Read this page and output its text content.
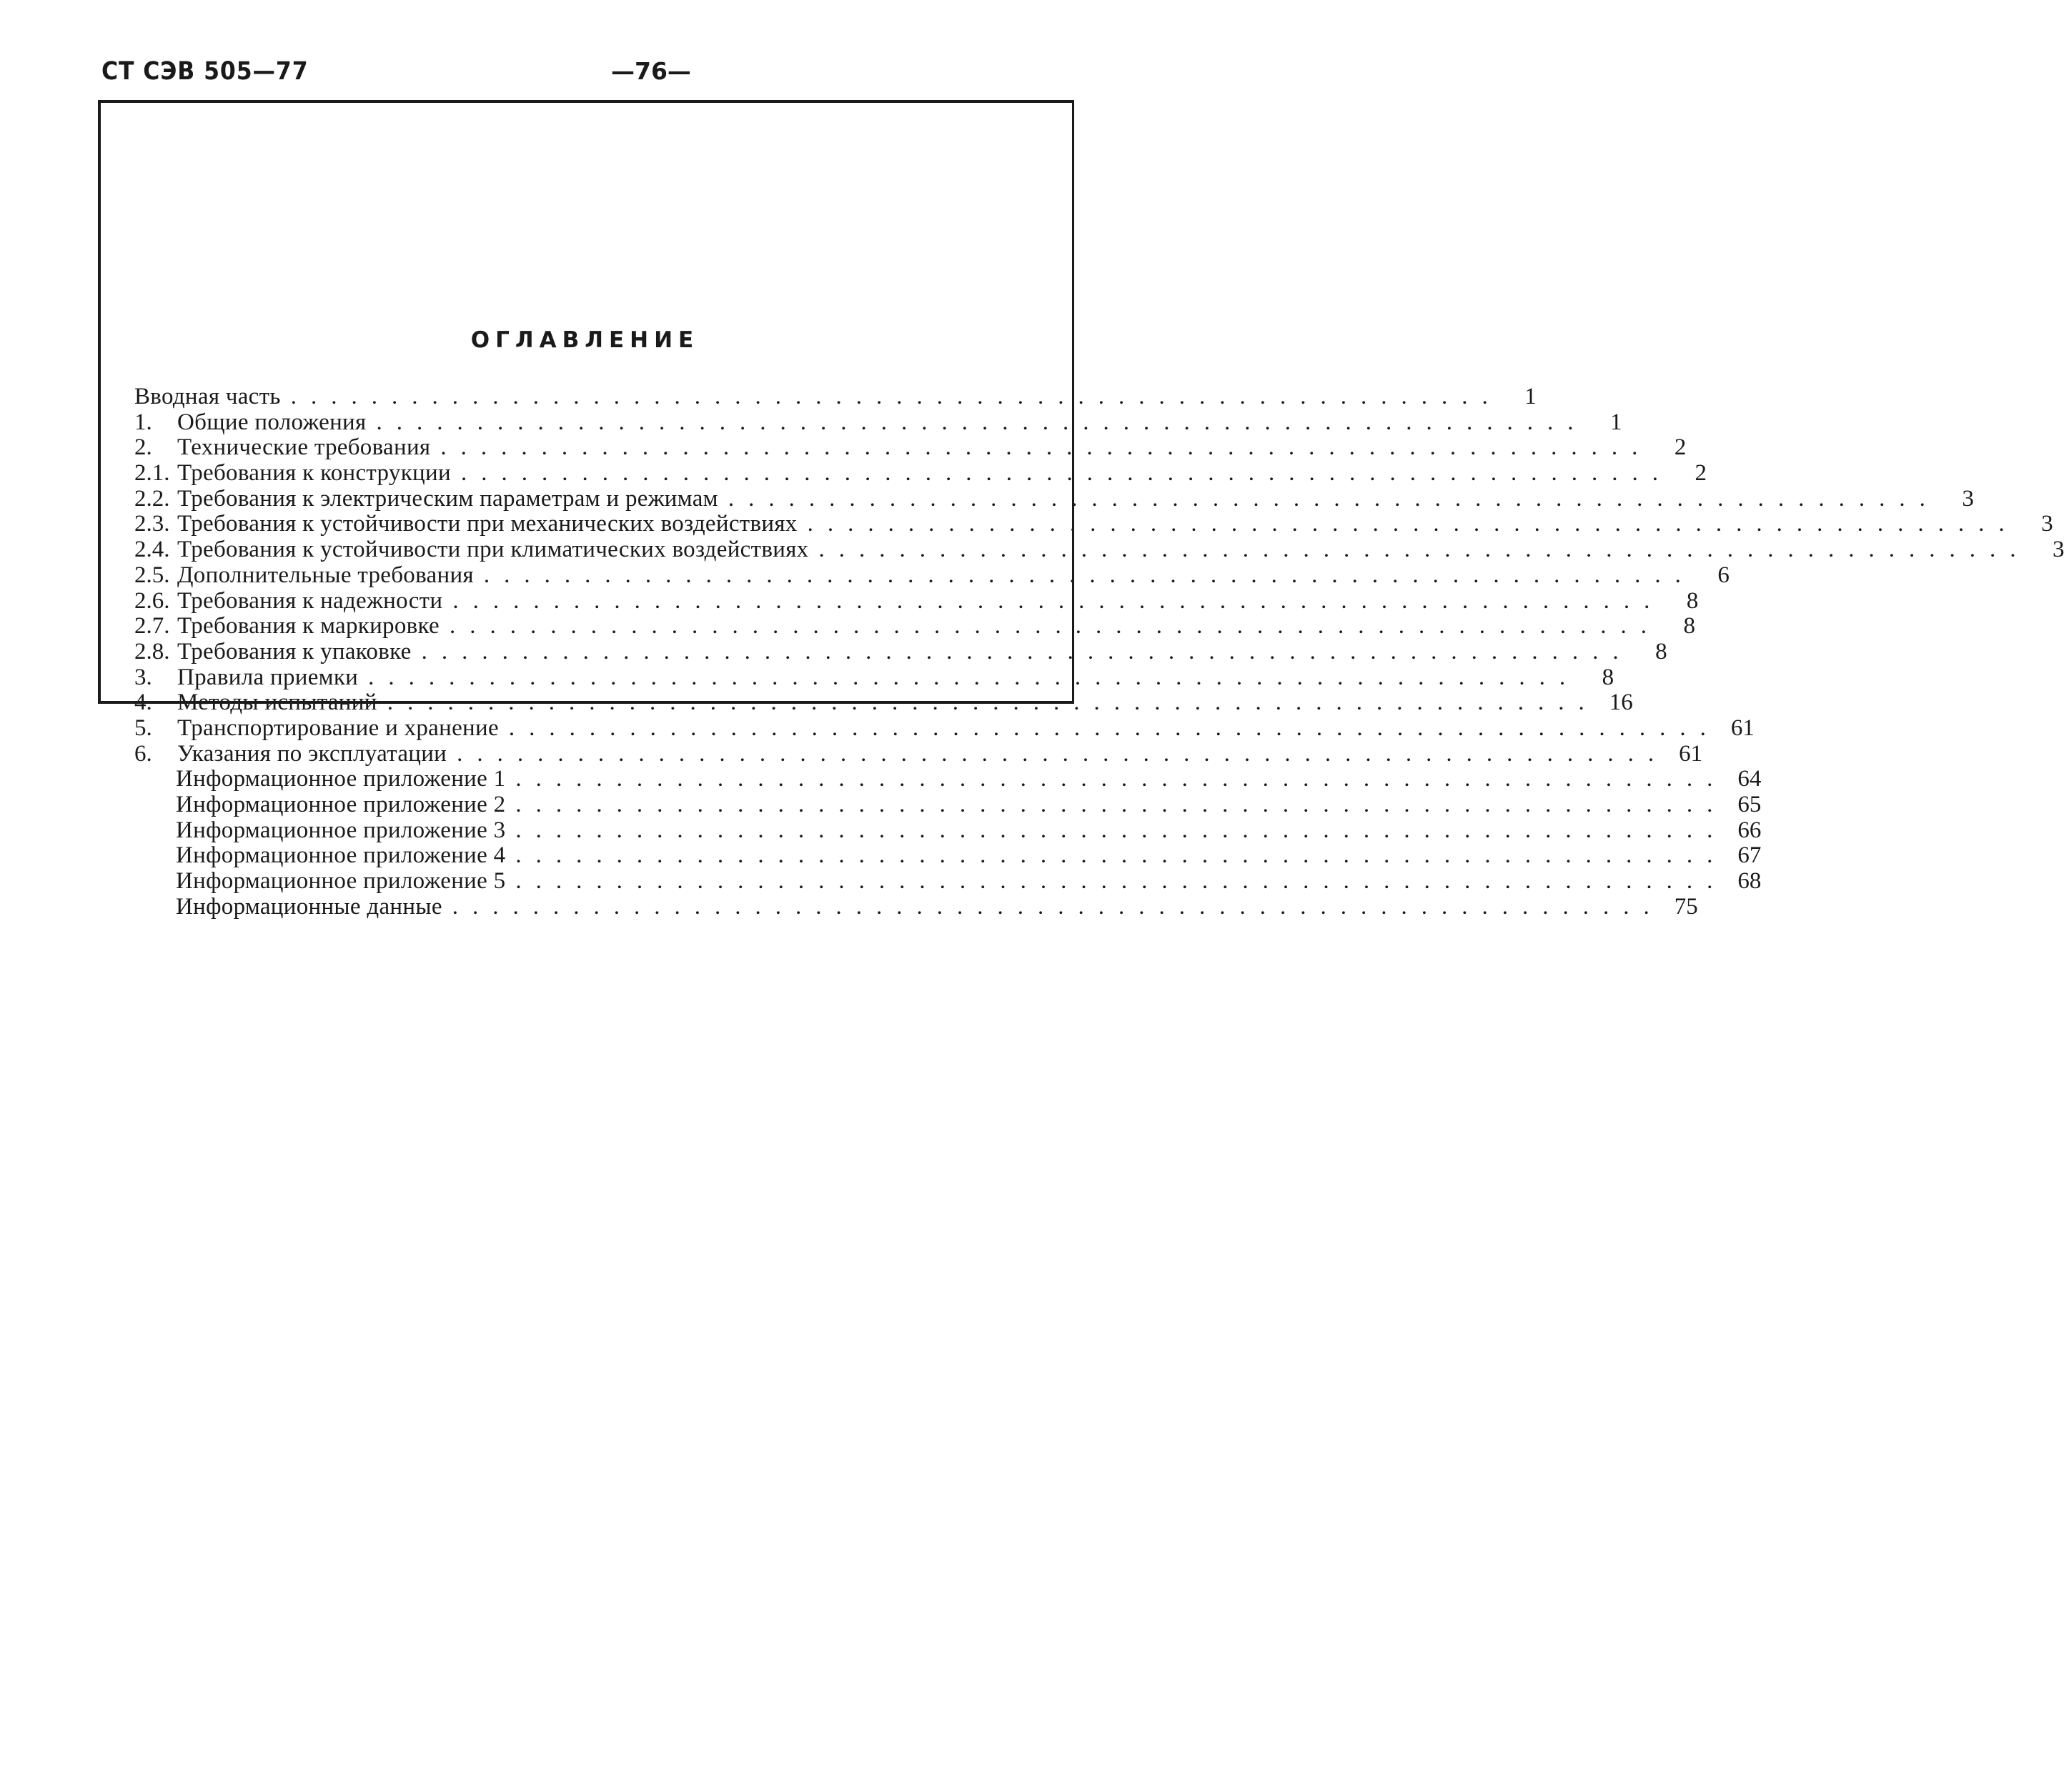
СТ СЭВ 505—77	—76—
ОГЛАВЛЕНИЕ
Вводная часть ............................................................ 1
1.	Общие положения ............................................................ 1
2.	Технические требования ............................................................ 2
2.1. Требования к конструкции ............................................................ 2
2.2. Требования к электрическим параметрам и режимам ............................................................ 3
2.3. Требования к устойчивости при механических воздействиях ............................................................ 3
2.4. Требования к устойчивости при климатических воздействиях ............................................................ 3
2.5. Дополнительные требования ............................................................ 6
2.6. Требования к надежности ............................................................ 8
2.7. Требования к маркировке ............................................................ 8
2.8. Требования к упаковке ............................................................ 8
3.	Правила приемки ............................................................ 8
4.	Методы испытаний ............................................................ 16
5.	Транспортирование и хранение ............................................................ 61
6.	Указания по эксплуатации ............................................................ 61
Информационное приложение 1 ............................................................ 64
Информационное приложение 2 ............................................................ 65
Информационное приложение 3 ............................................................ 66
Информационное приложение 4 ............................................................ 67
Информационное приложение 5 ............................................................ 68
Информационные данные ............................................................ 75
